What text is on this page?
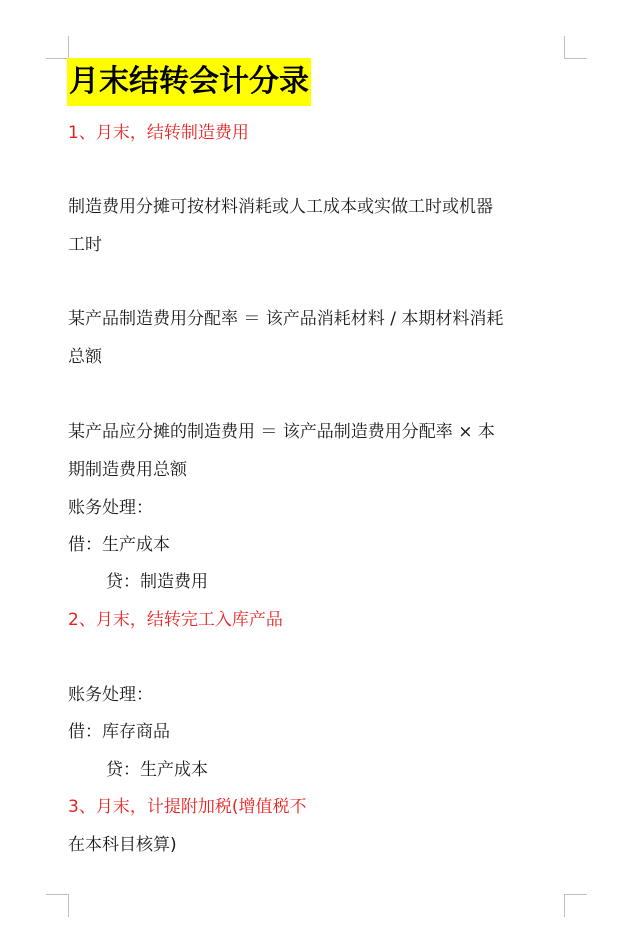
月末结转会计分录
1、月末，结转制造费用
制造费用分摊可按材料消耗或人工成本或实做工时或机器
工时
某产品制造费用分配率 ＝ 该产品消耗材料 / 本期材料消耗
总额
某产品应分摊的制造费用 ＝ 该产品制造费用分配率 × 本
期制造费用总额
账务处理：
借：生产成本
贷：制造费用
2、月末，结转完工入库产品
账务处理：
借：库存商品
贷：生产成本
3、月末，计提附加税(增值税不
在本科目核算)
